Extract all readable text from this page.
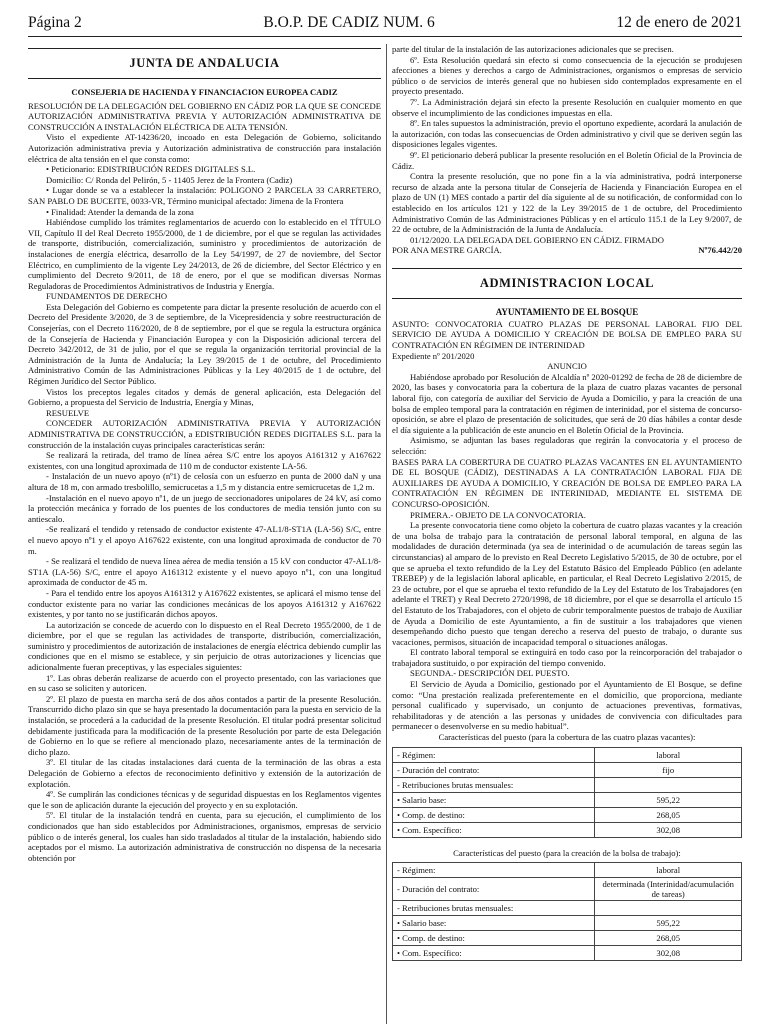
Página 2	B.O.P. DE CADIZ NUM. 6	12 de enero de 2021
JUNTA DE ANDALUCIA
CONSEJERIA DE HACIENDA Y FINANCIACION EUROPEA CADIZ

RESOLUCIÓN DE LA DELEGACIÓN DEL GOBIERNO EN CÁDIZ POR LA QUE SE CONCEDE AUTORIZACIÓN ADMINISTRATIVA PREVIA Y AUTORIZACIÓN ADMINISTRATIVA DE CONSTRUCCIÓN A INSTALACIÓN ELÉCTRICA DE ALTA TENSIÓN.

Visto el expediente AT-14236/20, incoado en esta Delegación de Gobierno, solicitando Autorización administrativa previa y Autorización administrativa de construcción para instalación eléctrica de alta tensión en el que consta como:

• Peticionario: EDISTRIBUCIÓN REDES DIGITALES S.L.

Domicilio: C/ Ronda del Pelirón, 5 - 11405 Jerez de la Frontera (Cadiz)

• Lugar donde se va a establecer la instalación: POLIGONO 2 PARCELA 33 CARRETERO, SAN PABLO DE BUCEITE, 0033-VR, Término municipal afectado: Jimena de la Frontera

• Finalidad: Atender la demanda de la zona

Habiéndose cumplido los trámites reglamentarios de acuerdo con lo establecido en el TÍTULO VII, Capítulo II del Real Decreto 1955/2000, de 1 de diciembre, por el que se regulan las actividades de transporte, distribución, comercialización, suministro y procedimientos de autorización de instalaciones de energía eléctrica, desarrollo de la Ley 54/1997, de 27 de noviembre, del Sector Eléctrico, en cumplimiento de la vigente Ley 24/2013, de 26 de diciembre, del Sector Eléctrico y en cumplimiento del Decreto 9/2011, de 18 de enero, por el que se modifican diversas Normas Reguladoras de Procedimientos Administrativos de Industria y Energía.

FUNDAMENTOS DE DERECHO

Esta Delegación del Gobierno es competente para dictar la presente resolución de acuerdo con el Decreto del Presidente 3/2020, de 3 de septiembre, de la Vicepresidencia y sobre reestructuración de Consejerías, con el Decreto 116/2020, de 8 de septiembre, por el que se regula la estructura orgánica de la Consejería de Hacienda y Financiación Europea y con la Disposición adicional tercera del Decreto 342/2012, de 31 de julio, por el que se regula la organización territorial provincial de la Administración de la Junta de Andalucía; la Ley 39/2015 de 1 de octubre, del Procedimiento Administrativo Común de las Administraciones Públicas y la Ley 40/2015 de 1 de octubre, del Régimen Jurídico del Sector Público.

Vistos los preceptos legales citados y demás de general aplicación, esta Delegación del Gobierno, a propuesta del Servicio de Industria, Energía y Minas,

RESUELVE

CONCEDER AUTORIZACIÓN ADMINISTRATIVA PREVIA Y AUTORIZACIÓN ADMINISTRATIVA DE CONSTRUCCIÓN, a EDISTRIBUCIÓN REDES DIGITALES S.L. para la construcción de la instalación cuyas principales características serán:

Se realizará la retirada, del tramo de línea aérea S/C entre los apoyos A161312 y A167622 existentes, con una longitud aproximada de 110 m de conductor existente LA-56.

- Instalación de un nuevo apoyo (nº1) de celosía con un esfuerzo en punta de 2000 daN y una altura de 18 m, con armado tresbolillo, semicrucetas a 1,5 m y distancia entre semicrucetas de 1,2 m.

-Instalación en el nuevo apoyo nº1, de un juego de seccionadores unipolares de 24 kV, así como la protección mecánica y forrado de los puentes de los conductores de media tensión junto con su antiescalo.

-Se realizará el tendido y retensado de conductor existente 47-AL1/8-ST1A (LA-56) S/C, entre el nuevo apoyo nº1 y el apoyo A167622 existente, con una longitud aproximada de conductor de 70 m.

- Se realizará el tendido de nueva línea aérea de media tensión a 15 kV con conductor 47-AL1/8-ST1A (LA-56) S/C, entre el apoyo A161312 existente y el nuevo apoyo nº1, con una longitud aproximada de conductor de 45 m.

- Para el tendido entre los apoyos A161312 y A167622 existentes, se aplicará el mismo tense del conductor existente para no variar las condiciones mecánicas de los apoyos A161312 y A167622 existentes, y por tanto no se justificarán dichos apoyos.

La autorización se concede de acuerdo con lo dispuesto en el Real Decreto 1955/2000, de 1 de diciembre, por el que se regulan las actividades de transporte, distribución, comercialización, suministro y procedimientos de autorización de instalaciones de energía eléctrica debiendo cumplir las condiciones que en el mismo se establece, y sin perjuicio de otras autorizaciones y licencias que adicionalmente fueran preceptivas, y las especiales siguientes:

1º. Las obras deberán realizarse de acuerdo con el proyecto presentado, con las variaciones que en su caso se soliciten y autoricen.

2º. El plazo de puesta en marcha será de dos años contados a partir de la presente Resolución. Transcurrido dicho plazo sin que se haya presentado la documentación para la puesta en servicio de la instalación, se procederá a la caducidad de la presente Resolución. El titular podrá presentar solicitud debidamente justificada para la modificación de la presente Resolución por parte de esta Delegación de Gobierno en lo que se refiere al mencionado plazo, necesariamente antes de la terminación de dicho plazo.

3º. El titular de las citadas instalaciones dará cuenta de la terminación de las obras a esta Delegación de Gobierno a efectos de reconocimiento definitivo y extensión de la autorización de explotación.

4º. Se cumplirán las condiciones técnicas y de seguridad dispuestas en los Reglamentos vigentes que le son de aplicación durante la ejecución del proyecto y en su explotación.

5º. El titular de la instalación tendrá en cuenta, para su ejecución, el cumplimiento de los condicionados que han sido establecidos por Administraciones, organismos, empresas de servicio público o de interés general, los cuales han sido trasladados al titular de la instalación, habiendo sido aceptados por el mismo. La autorización administrativa de construcción no dispensa de la necesaria obtención por

parte del titular de la instalación de las autorizaciones adicionales que se precisen.

6º. Esta Resolución quedará sin efecto si como consecuencia de la ejecución se produjesen afecciones a bienes y derechos a cargo de Administraciones, organismos o empresas de servicio público o de servicios de interés general que no hubiesen sido contemplados expresamente en el proyecto presentado.

7º. La Administración dejará sin efecto la presente Resolución en cualquier momento en que observe el incumplimiento de las condiciones impuestas en ella.

8º. En tales supuestos la administración, previo el oportuno expediente, acordará la anulación de la autorización, con todas las consecuencias de Orden administrativo y civil que se deriven según las disposiciones legales vigentes.

9º. El peticionario deberá publicar la presente resolución en el Boletín Oficial de la Provincia de Cádiz.

Contra la presente resolución, que no pone fin a la vía administrativa, podrá interponerse recurso de alzada ante la persona titular de Consejería de Hacienda y Financiación Europea en el plazo de UN (1) MES contado a partir del día siguiente al de su notificación, de conformidad con lo establecido en los artículos 121 y 122 de la Ley 39/2015 de 1 de octubre, del Procedimiento Administrativo Común de las Administraciones Públicas y en el artículo 115.1 de la Ley 9/2007, de 22 de octubre, de la Administración de la Junta de Andalucía.

01/12/2020. LA DELEGADA DEL GOBIERNO EN CÁDIZ. FIRMADO

POR ANA MESTRE GARCÍA.	Nº76.442/20
ADMINISTRACION LOCAL
AYUNTAMIENTO DE EL BOSQUE

ASUNTO: CONVOCATORIA CUATRO PLAZAS DE PERSONAL LABORAL FIJO DEL SERVICIO DE AYUDA A DOMICILIO Y CREACIÓN DE BOLSA DE EMPLEO PARA SU CONTRATACIÓN EN RÉGIMEN DE INTERINIDAD

Expediente nº 201/2020

ANUNCIO

Habiéndose aprobado por Resolución de Alcaldía nº 2020-01292 de fecha de 28 de diciembre de 2020, las bases y convocatoria para la cobertura de la plaza de cuatro plazas vacantes de personal laboral fijo, con categoría de auxiliar del Servicio de Ayuda a Domicilio, y para la creación de una bolsa de empleo temporal para la contratación en régimen de interinidad, por el sistema de concurso-oposición, se abre el plazo de presentación de solicitudes, que será de 20 días hábiles a contar desde el día siguiente a la publicación de este anuncio en el Boletín Oficial de la Provincia.

Asimismo, se adjuntan las bases reguladoras que regirán la convocatoria y el proceso de selección:

BASES PARA LA COBERTURA DE CUATRO PLAZAS VACANTES EN EL AYUNTAMIENTO DE EL BOSQUE (CÁDIZ), DESTINADAS A LA CONTRATACIÓN LABORAL FIJA DE AUXILIARES DE AYUDA A DOMICILIO, Y CREACIÓN DE BOLSA DE EMPLEO PARA LA CONTRATACIÓN EN RÉGIMEN DE INTERINIDAD, MEDIANTE EL SISTEMA DE CONCURSO-OPOSICIÓN.

PRIMERA.- OBJETO DE LA CONVOCATORIA.

La presente convocatoria tiene como objeto la cobertura de cuatro plazas vacantes y la creación de una bolsa de trabajo para la contratación de personal laboral temporal, en alguna de las modalidades de duración determinada (ya sea de interinidad o de acumulación de tareas según las circunstancias) al amparo de lo previsto en Real Decreto Legislativo 5/2015, de 30 de octubre, por el que se aprueba el texto refundido de la Ley del Estatuto Básico del Empleado Público (en adelante TREBEP) y de la legislación laboral aplicable, en particular, el Real Decreto Legislativo 2/2015, de 23 de octubre, por el que se aprueba el texto refundido de la Ley del Estatuto de los Trabajadores (en adelante el TRET) y Real Decreto 2720/1998, de 18 diciembre, por el que se desarrolla el artículo 15 del Estatuto de los Trabajadores, con el objeto de cubrir temporalmente puestos de trabajo de Auxiliar de Ayuda a Domicilio de este Ayuntamiento, a fin de sustituir a los trabajadores que vienen desempeñando dicho puesto que tengan derecho a reserva del puesto de trabajo, o durante sus vacaciones, permisos, situación de incapacidad temporal o situaciones análogas.

El contrato laboral temporal se extinguirá en todo caso por la reincorporación del trabajador o trabajadora sustituido, o por expiración del tiempo convenido.

SEGUNDA.- DESCRIPCIÓN DEL PUESTO.

El Servicio de Ayuda a Domicilio, gestionado por el Ayuntamiento de El Bosque, se define como: “Una prestación realizada preferentemente en el domicilio, que proporciona, mediante personal cualificado y supervisado, un conjunto de actuaciones preventivas, formativas, rehabilitadoras y de atención a las personas y unidades de convivencia con dificultades para permanecer o desenvolverse en su medio habitual”.

Características del puesto (para la cobertura de las cuatro plazas vacantes):
- Régimen:	laboral
- Duración del contrato:	fijo
- Retribuciones brutas mensuales:	
• Salario base:	595,22
• Comp. de destino:	268,05
• Com. Específico:	302,08
Características del puesto (para la creación de la bolsa de trabajo):
- Régimen:	laboral
- Duración del contrato:	determinada (Interinidad/acumulación de tareas)
- Retribuciones brutas mensuales:	
• Salario base:	595,22
• Comp. de destino:	268,05
• Com. Específico:	302,08
